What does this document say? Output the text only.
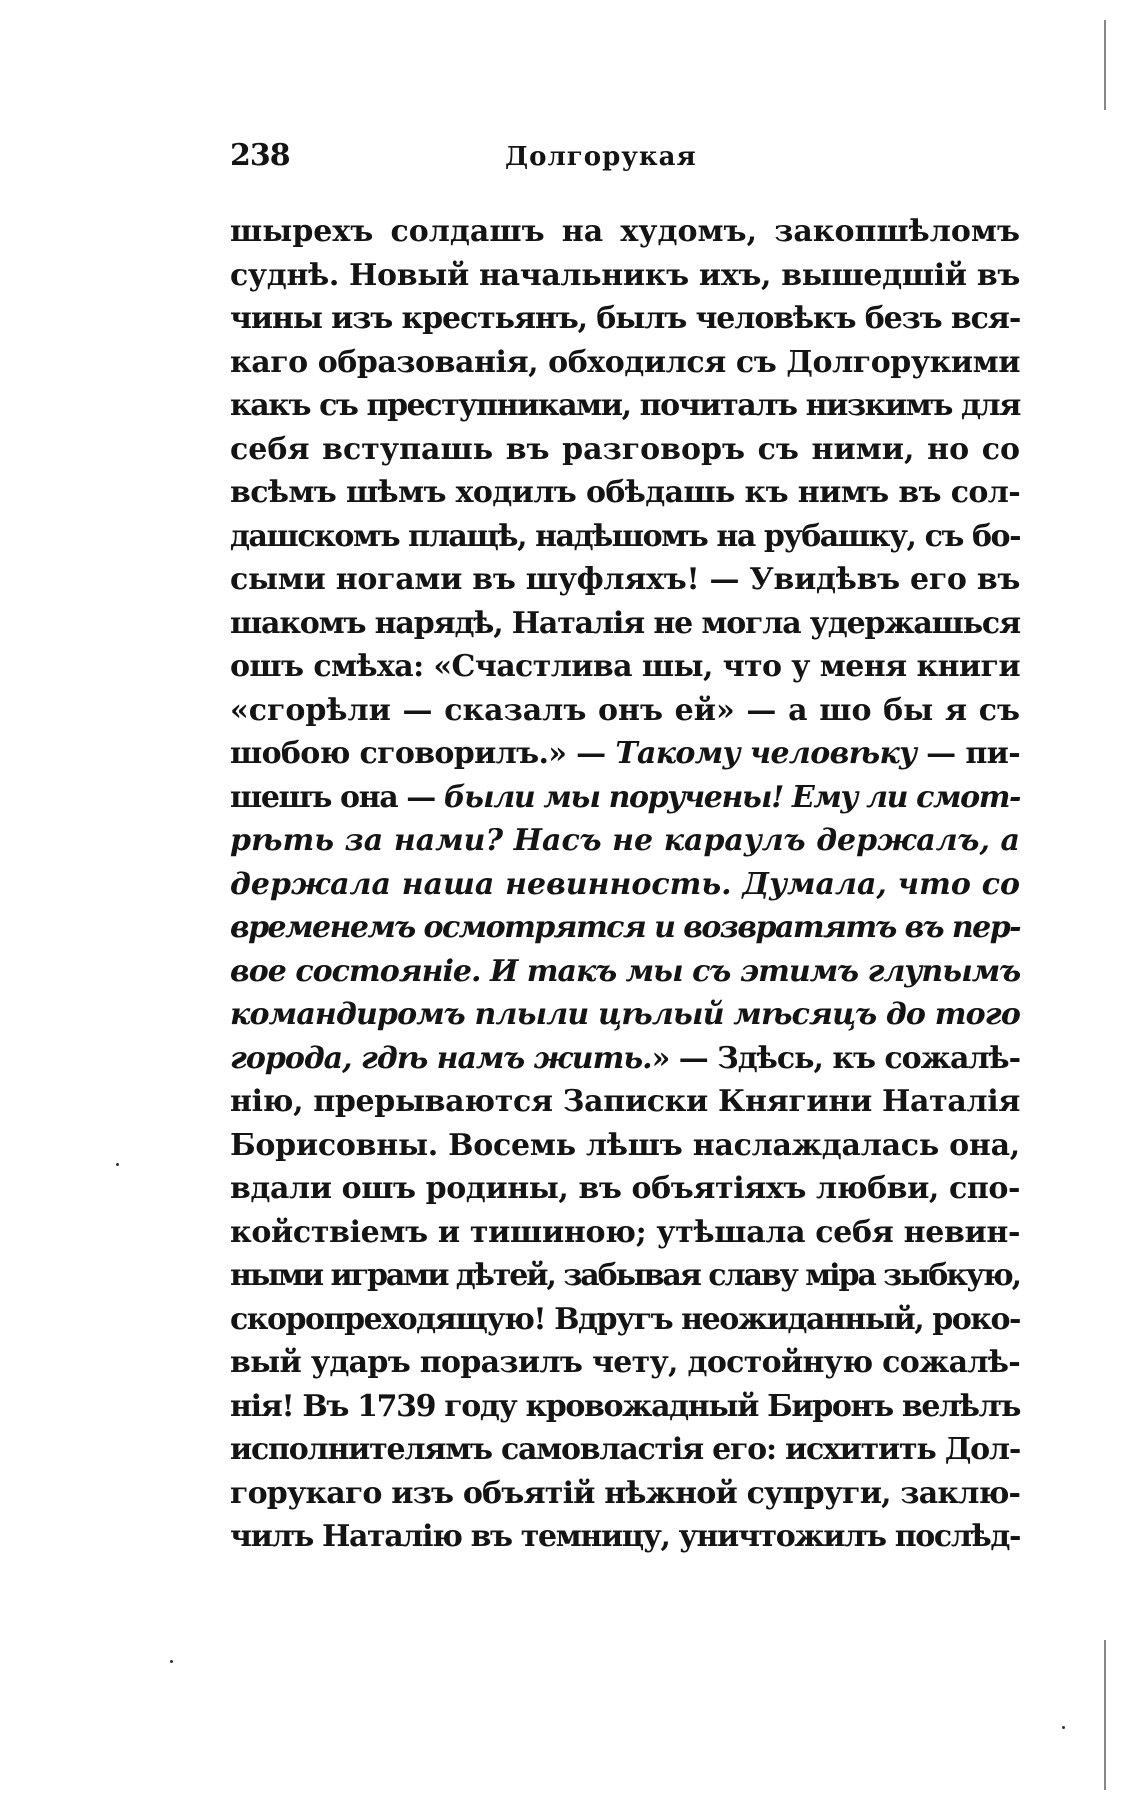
238	Долгорукая
шырехъ солдашъ на худомъ, закопшѣломъ
суднѣ. Новый начальникъ ихъ, вышедшій въ
чины изъ крестьянъ, былъ человѣкъ безъ вся-
каго образованія, обходился съ Долгорукими
какъ съ преступниками, почиталъ низкимъ для
себя вступашь въ разговоръ съ ними, но со
всѣмъ шѣмъ ходилъ обѣдашь къ нимъ въ сол-
дашскомъ плащѣ, надѣшомъ на рубашку, съ бо-
сыми ногами въ шуфляхъ! — Увидѣвъ его въ
шакомъ нарядѣ, Наталія не могла удержашься
ошъ смѣха: «Счастлива шы, что у меня книги
«сгорѣли — сказалъ онъ ей» — а шо бы я съ
шобою сговорилъ.» — Такому человѣку — пи-
шешъ она — были мы поручены! Ему ли смот-
рѣть за нами? Насъ не караулъ держалъ, а
держала наша невинность. Думала, что со
временемъ осмотрятся и возвратятъ въ пер-
вое состояніе. И такъ мы съ этимъ глупымъ
командиромъ плыли цѣлый мѣсяцъ до того
города, гдѣ намъ жить.» — Здѣсь, къ сожалѣ-
нію, прерываются Записки Княгини Наталія
Борисовны. Восемь лѣшъ наслаждалась она,
вдали ошъ родины, въ объятіяхъ любви, спо-
койствіемъ и тишиною; утѣшала себя невин-
ными играми дѣтей, забывая славу міра зыбкую,
скоропреходящую! Вдругъ неожиданный, роко-
вый ударъ поразилъ чету, достойную сожалѣ-
нія! Въ 1739 году кровожадный Биронъ велѣлъ
исполнителямъ самовластія его: исхитить Дол-
горукаго изъ объятій нѣжной супруги, заклю-
чилъ Наталію въ темницу, уничтожилъ послѣд-
